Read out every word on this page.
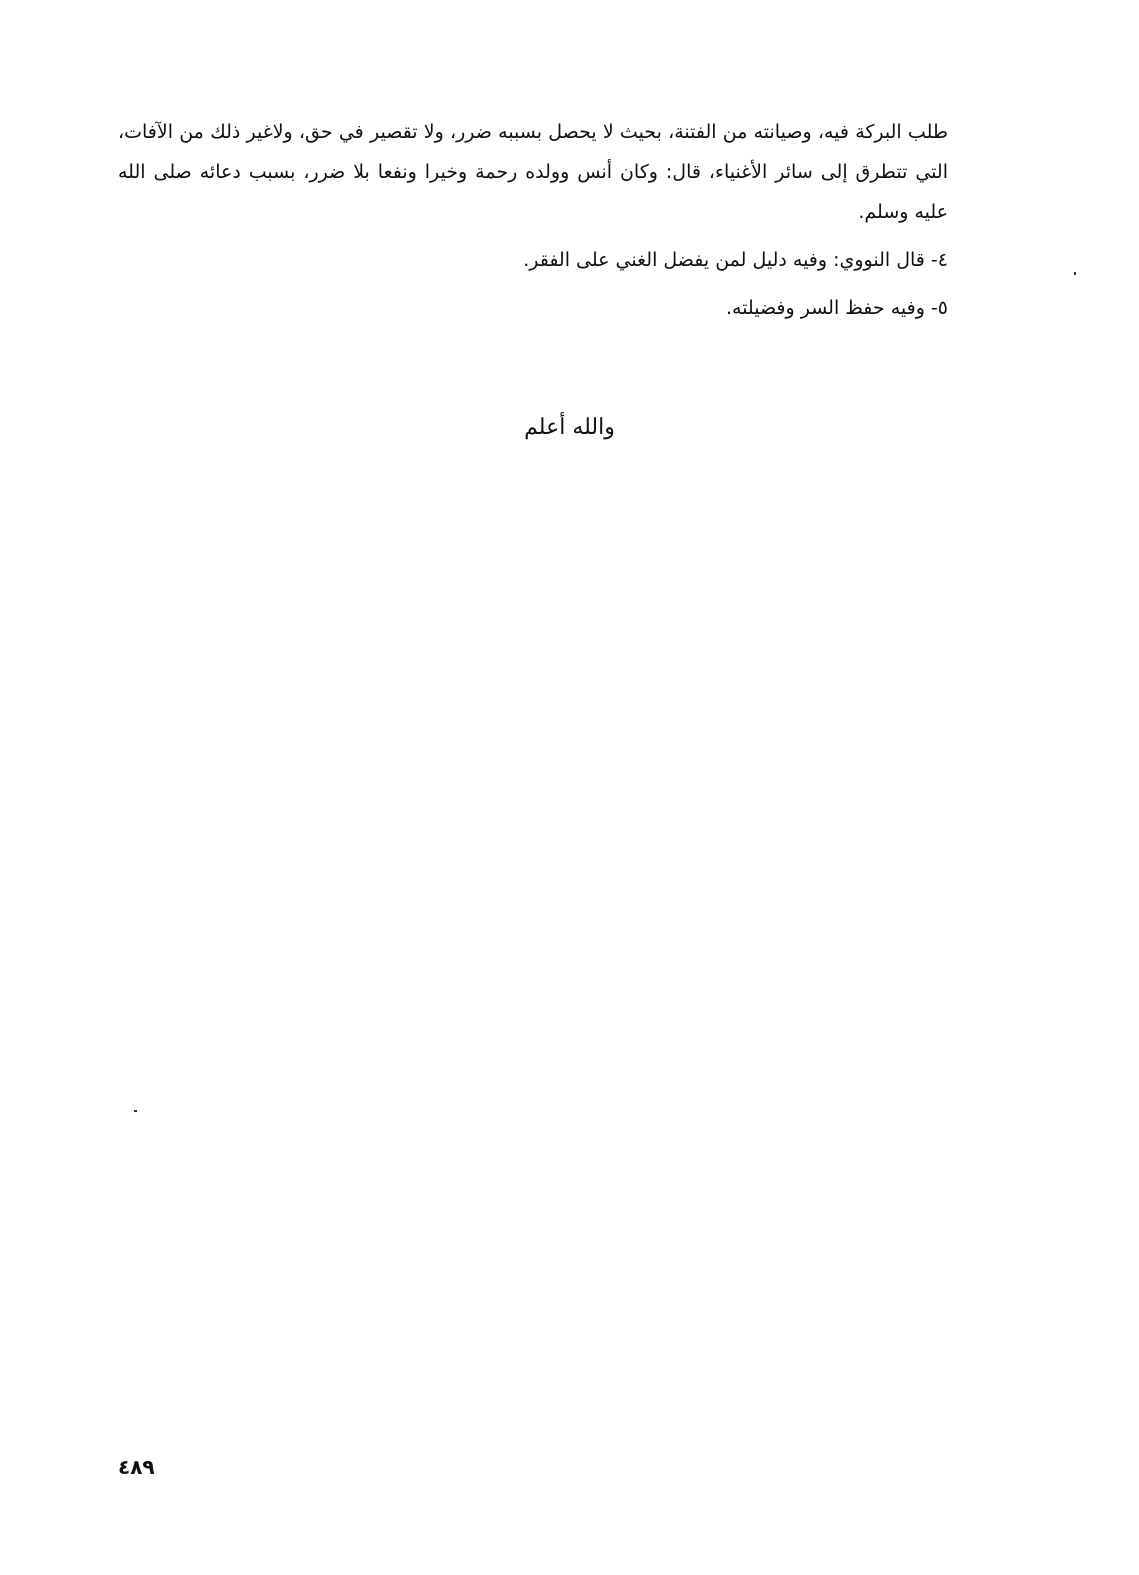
طلب البركة فيه، وصيانته من الفتنة، بحيث لا يحصل بسببه ضرر، ولا تقصير في حق، ولاغير ذلك من الآفات، التي تتطرق إلى سائر الأغنياء، قال: وكان أنس وولده رحمة وخيرا ونفعا بلا ضرر، بسبب دعائه صلى الله عليه وسلم.

٤- قال النووي: وفيه دليل لمن يفضل الغني على الفقر.

٥- وفيه حفظ السر وفضيلته.

والله أعلم
٤٨٩
